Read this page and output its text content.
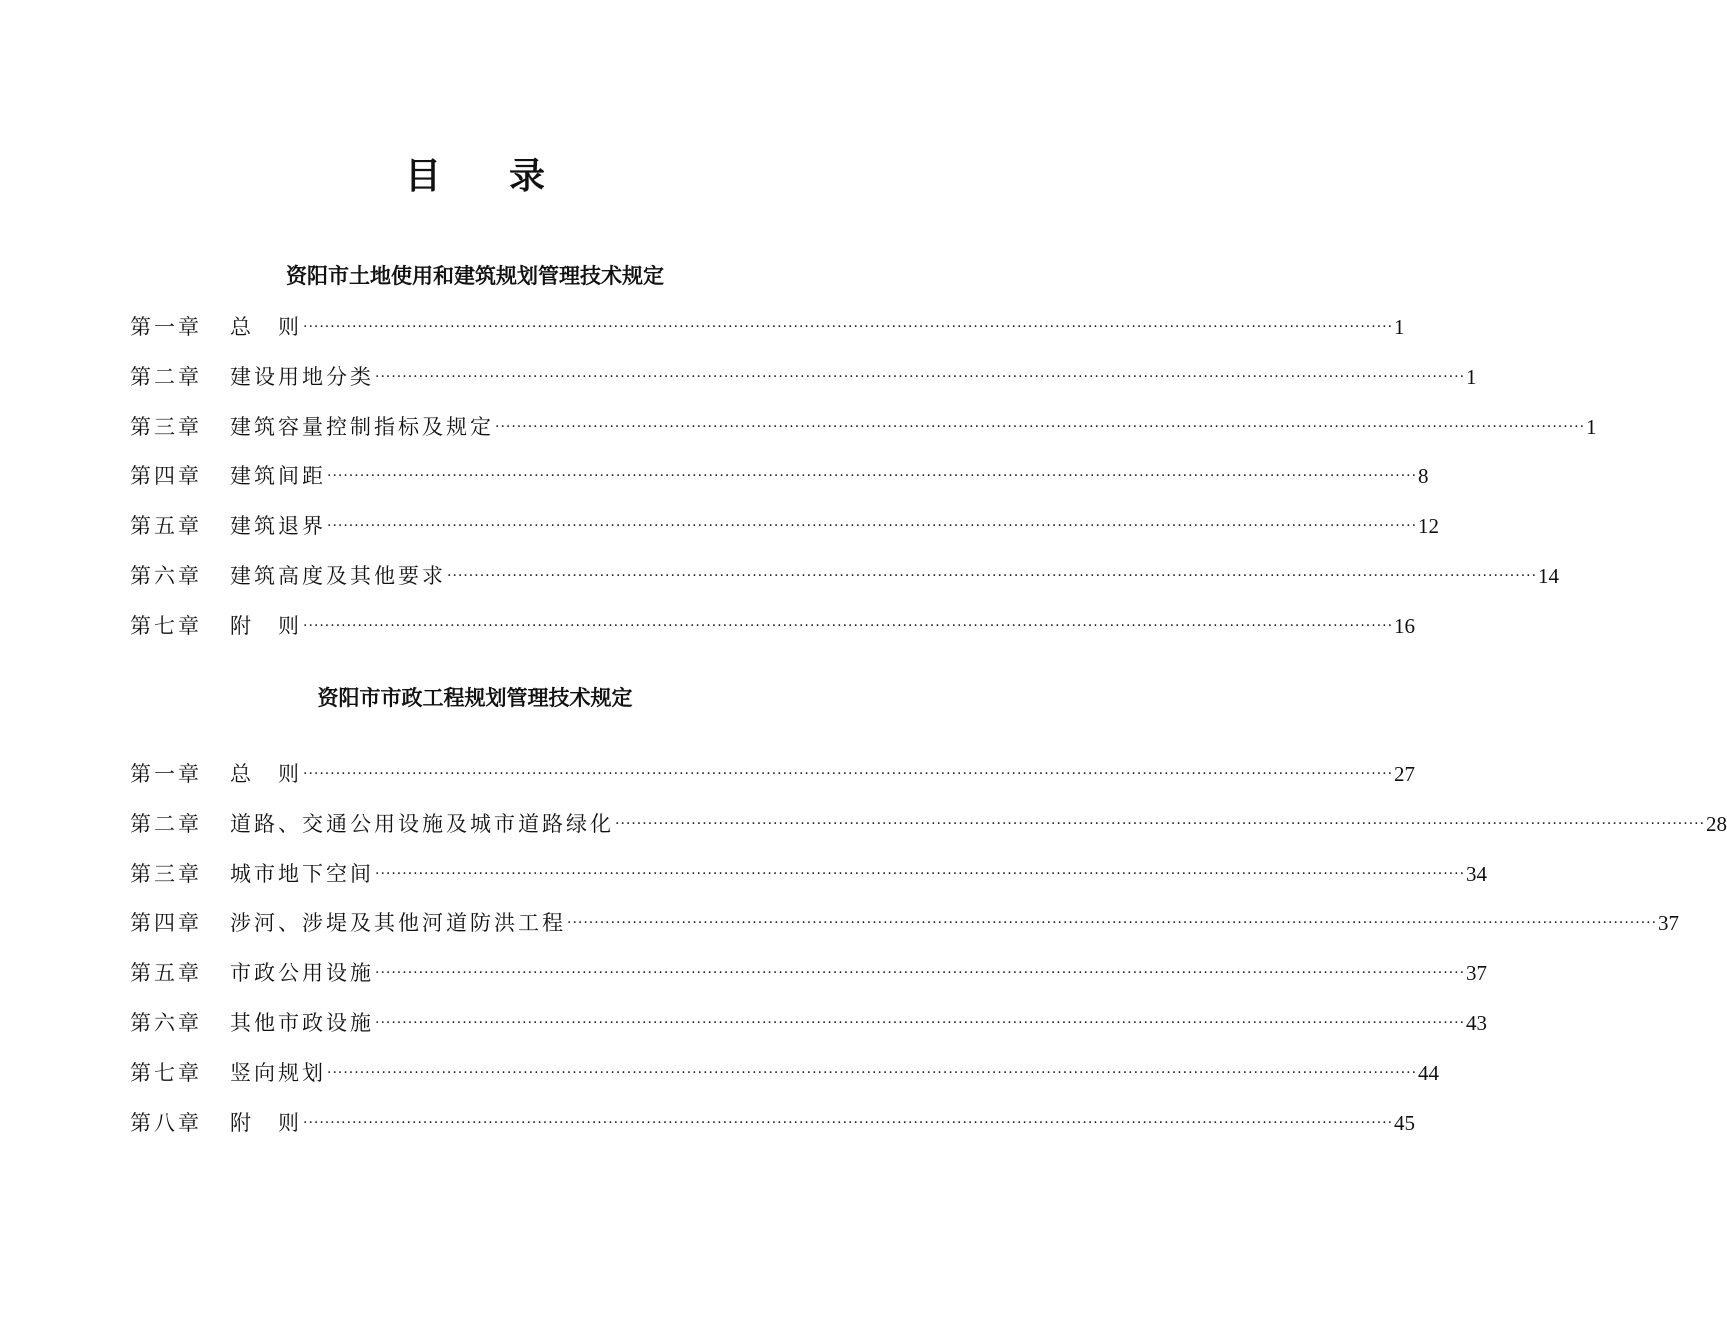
目 录
资阳市土地使用和建筑规划管理技术规定
第一章	总　则 ········································································································································································································ 1
第二章	建设用地分类 ········································································································································································································ 1
第三章	建筑容量控制指标及规定 ········································································································································································································ 1
第四章	建筑间距 ········································································································································································································ 8
第五章	建筑退界 ········································································································································································································ 12
第六章	建筑高度及其他要求 ········································································································································································································ 14
第七章	附　则 ········································································································································································································ 16
资阳市市政工程规划管理技术规定
第一章	总　则 ········································································································································································································ 27
第二章	道路、交通公用设施及城市道路绿化 ········································································································································································································ 28
第三章	城市地下空间 ········································································································································································································ 34
第四章	涉河、涉堤及其他河道防洪工程 ········································································································································································································ 37
第五章	市政公用设施 ········································································································································································································ 37
第六章	其他市政设施 ········································································································································································································ 43
第七章	竖向规划 ········································································································································································································ 44
第八章	附　则 ········································································································································································································ 45
